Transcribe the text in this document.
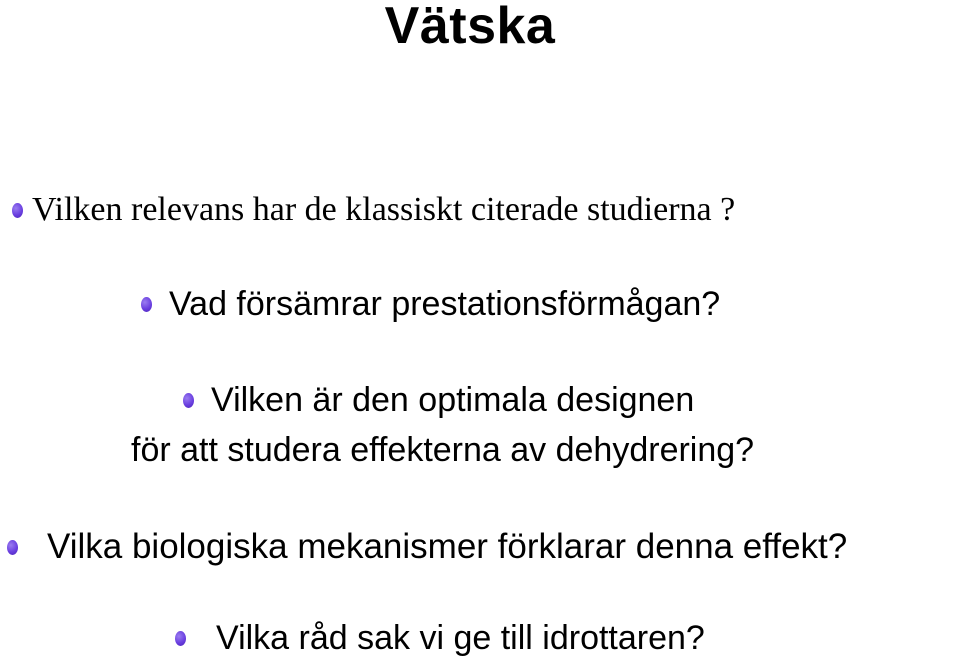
Vätska
Vilken relevans har de klassiskt citerade studierna ?
Vad försämrar prestationsförmågan?
Vilken är den optimala designen
för att studera effekterna av dehydrering?
Vilka biologiska mekanismer förklarar denna effekt?
Vilka råd sak vi ge till idrottaren?
